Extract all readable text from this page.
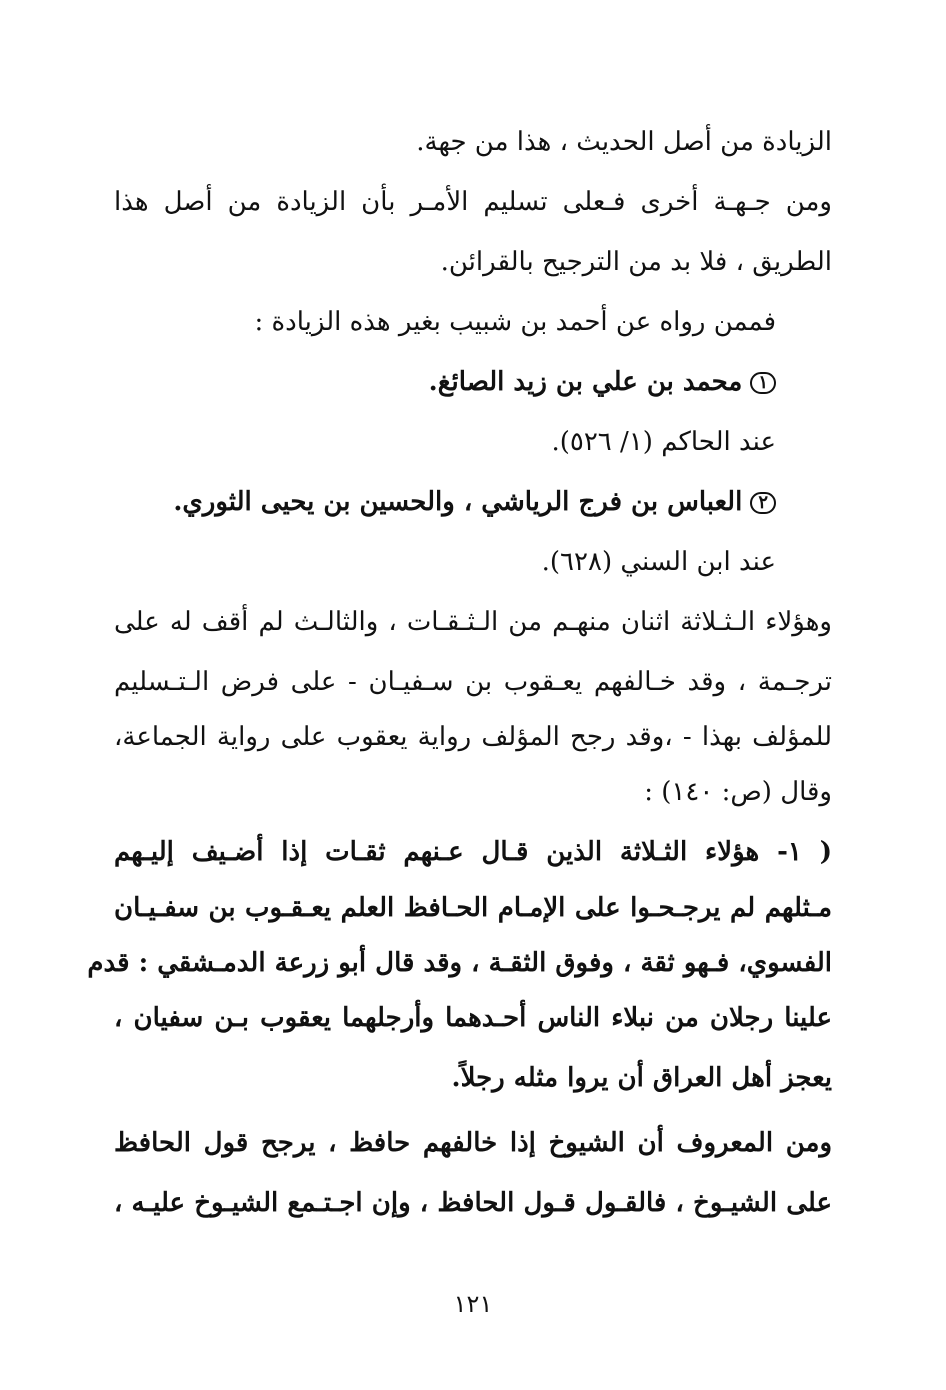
الزيادة من أصل الحديث ، هذا من جهة.
ومن جـهـة أخرى فـعلى تسليم الأمـر بأن الزيادة من أصل هذا
الطريق ، فلا بد من الترجيح بالقرائن.
فممن رواه عن أحمد بن شبيب بغير هذه الزيادة :
١محمد بن علي بن زيد الصائغ.
عند الحاكم (١/ ٥٢٦).
٢العباس بن فرج الرياشي ، والحسين بن يحيى الثوري.
عند ابن السني (٦٢٨).
وهؤلاء الـثـلاثة اثنان منهـم من الـثـقـات ، والثالـث لم أقف له على
ترجـمة ، وقد خـالفهم يعـقوب بن سـفيـان - على فرض الـتـسليم
للمؤلف بهذا - ،وقد رجح المؤلف رواية يعقوب على رواية الجماعة،
وقال (ص: ١٤٠) :
( ١- هؤلاء الثـلاثة الذين قـال عـنهم ثقـات إذا أضـيف إليـهم
مـثلهم لم يرجـحـوا على الإمـام الحـافظ العلم يعـقـوب بن سفـيـان
الفسوي، فـهو ثقة ، وفوق الثقـة ، وقد قال أبو زرعة الدمـشقي : قدم
علينا رجلان من نبلاء الناس أحـدهما وأرجلهما يعقوب بـن سفيان ،
يعجز أهل العراق أن يروا مثله رجلاً.
ومن المعروف أن الشيوخ إذا خالفهم حافظ ، يرجح قول الحافظ
على الشيـوخ ، فالقـول قـول الحافظ ، وإن اجـتـمع الشيـوخ عليـه ،
١٢١
